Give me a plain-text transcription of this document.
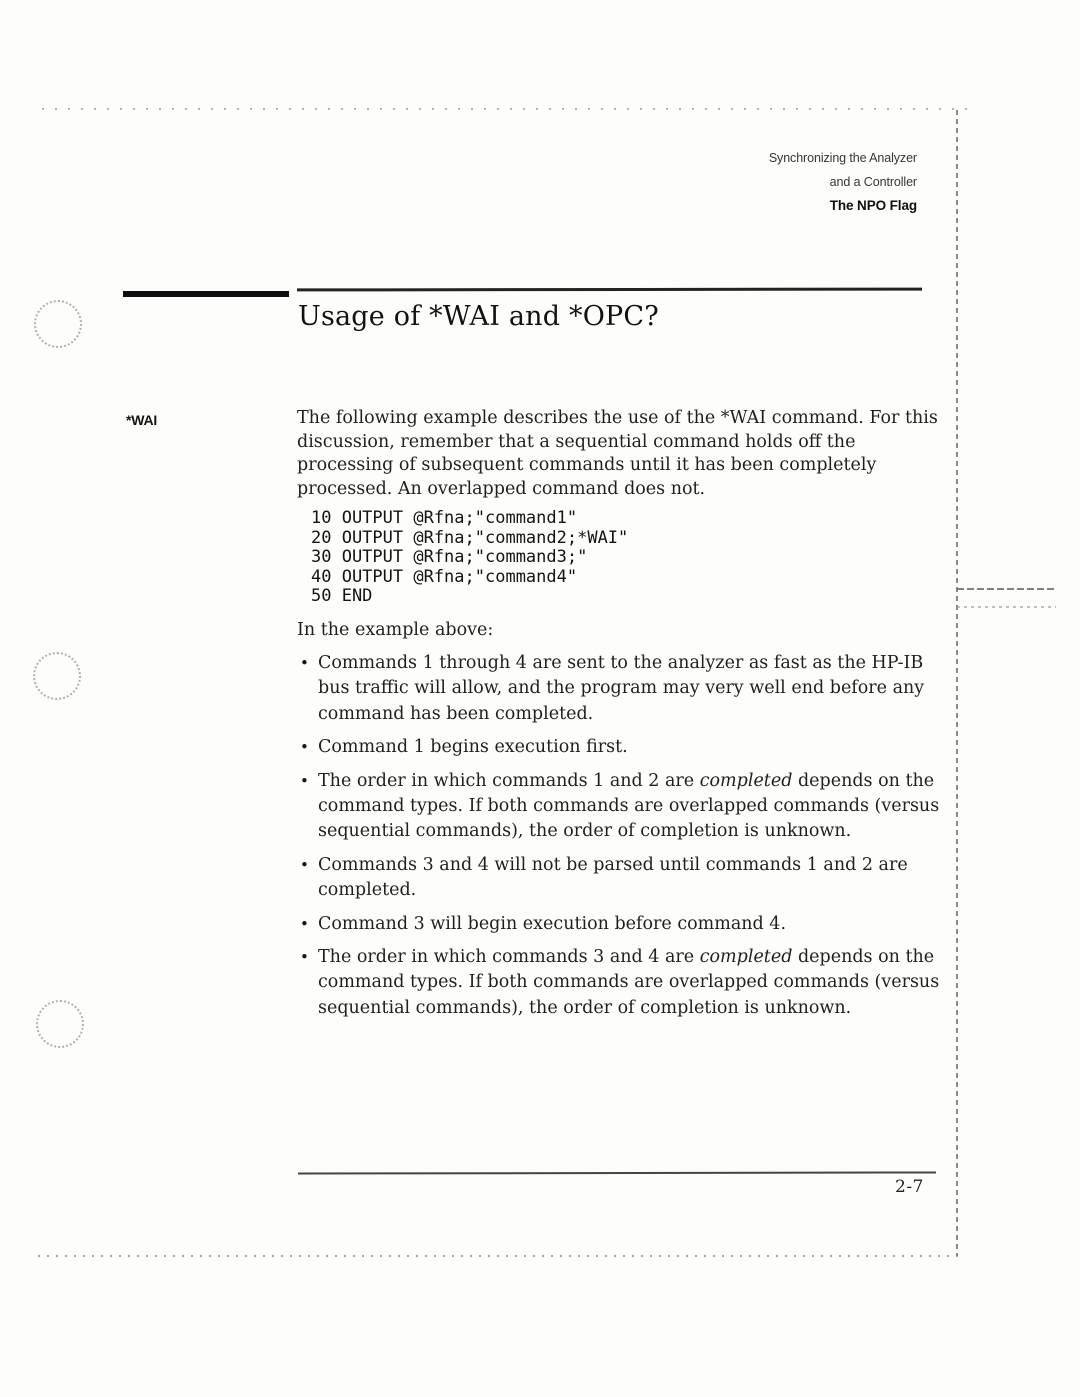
Synchronizing the Analyzer
and a Controller
The NPO Flag
Usage of *WAI and *OPC?
*WAI	The following example describes the use of the *WAI command. For this discussion, remember that a sequential command holds off the processing of subsequent commands until it has been completely processed. An overlapped command does not.

10 OUTPUT @Rfna;"command1"
20 OUTPUT @Rfna;"command2;*WAI"
30 OUTPUT @Rfna;"command3;"
40 OUTPUT @Rfna;"command4"
50 END

In the example above:

• Commands 1 through 4 are sent to the analyzer as fast as the HP-IB bus traffic will allow, and the program may very well end before any command has been completed.
• Command 1 begins execution first.
• The order in which commands 1 and 2 are completed depends on the command types. If both commands are overlapped commands (versus sequential commands), the order of completion is unknown.
• Commands 3 and 4 will not be parsed until commands 1 and 2 are completed.
• Command 3 will begin execution before command 4.
• The order in which commands 3 and 4 are completed depends on the command types. If both commands are overlapped commands (versus sequential commands), the order of completion is unknown.
2-7
